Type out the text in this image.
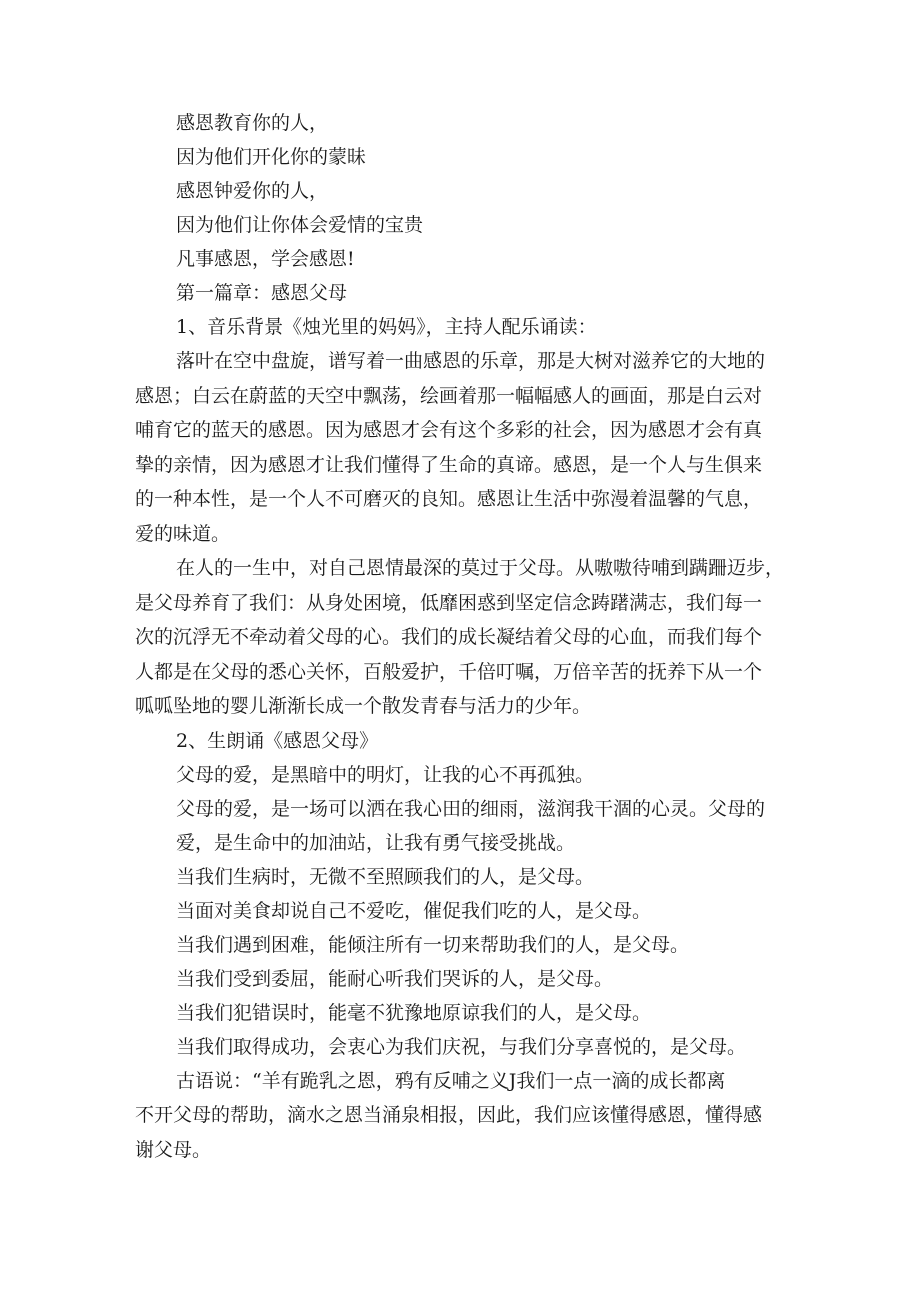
感恩教育你的人，

因为他们开化你的蒙昧

感恩钟爱你的人，

因为他们让你体会爱情的宝贵

凡事感恩，学会感恩!

第一篇章：感恩父母

1、音乐背景《烛光里的妈妈》，主持人配乐诵读：

落叶在空中盘旋，谱写着一曲感恩的乐章，那是大树对滋养它的大地的

感恩；白云在蔚蓝的天空中飘荡，绘画着那一幅幅感人的画面，那是白云对

哺育它的蓝天的感恩。因为感恩才会有这个多彩的社会，因为感恩才会有真

挚的亲情，因为感恩才让我们懂得了生命的真谛。感恩，是一个人与生俱来

的一种本性，是一个人不可磨灭的良知。感恩让生活中弥漫着温馨的气息，

爱的味道。

在人的一生中，对自己恩情最深的莫过于父母。从嗷嗷待哺到蹒跚迈步，

是父母养育了我们：从身处困境，低靡困惑到坚定信念踌躇满志，我们每一

次的沉浮无不牵动着父母的心。我们的成长凝结着父母的心血，而我们每个

人都是在父母的悉心关怀，百般爱护，千倍叮嘱，万倍辛苦的抚养下从一个

呱呱坠地的婴儿渐渐长成一个散发青春与活力的少年。

2、生朗诵《感恩父母》

父母的爱，是黑暗中的明灯，让我的心不再孤独。

父母的爱，是一场可以洒在我心田的细雨，滋润我干涸的心灵。父母的

爱，是生命中的加油站，让我有勇气接受挑战。

当我们生病时，无微不至照顾我们的人，是父母。

当面对美食却说自己不爱吃，催促我们吃的人，是父母。

当我们遇到困难，能倾注所有一切来帮助我们的人，是父母。

当我们受到委屈，能耐心听我们哭诉的人，是父母。

当我们犯错误时，能毫不犹豫地原谅我们的人，是父母。

当我们取得成功，会衷心为我们庆祝，与我们分享喜悦的，是父母。

古语说：“羊有跪乳之恩，鸦有反哺之义J我们一点一滴的成长都离

不开父母的帮助，滴水之恩当涌泉相报，因此，我们应该懂得感恩，懂得感

谢父母。
